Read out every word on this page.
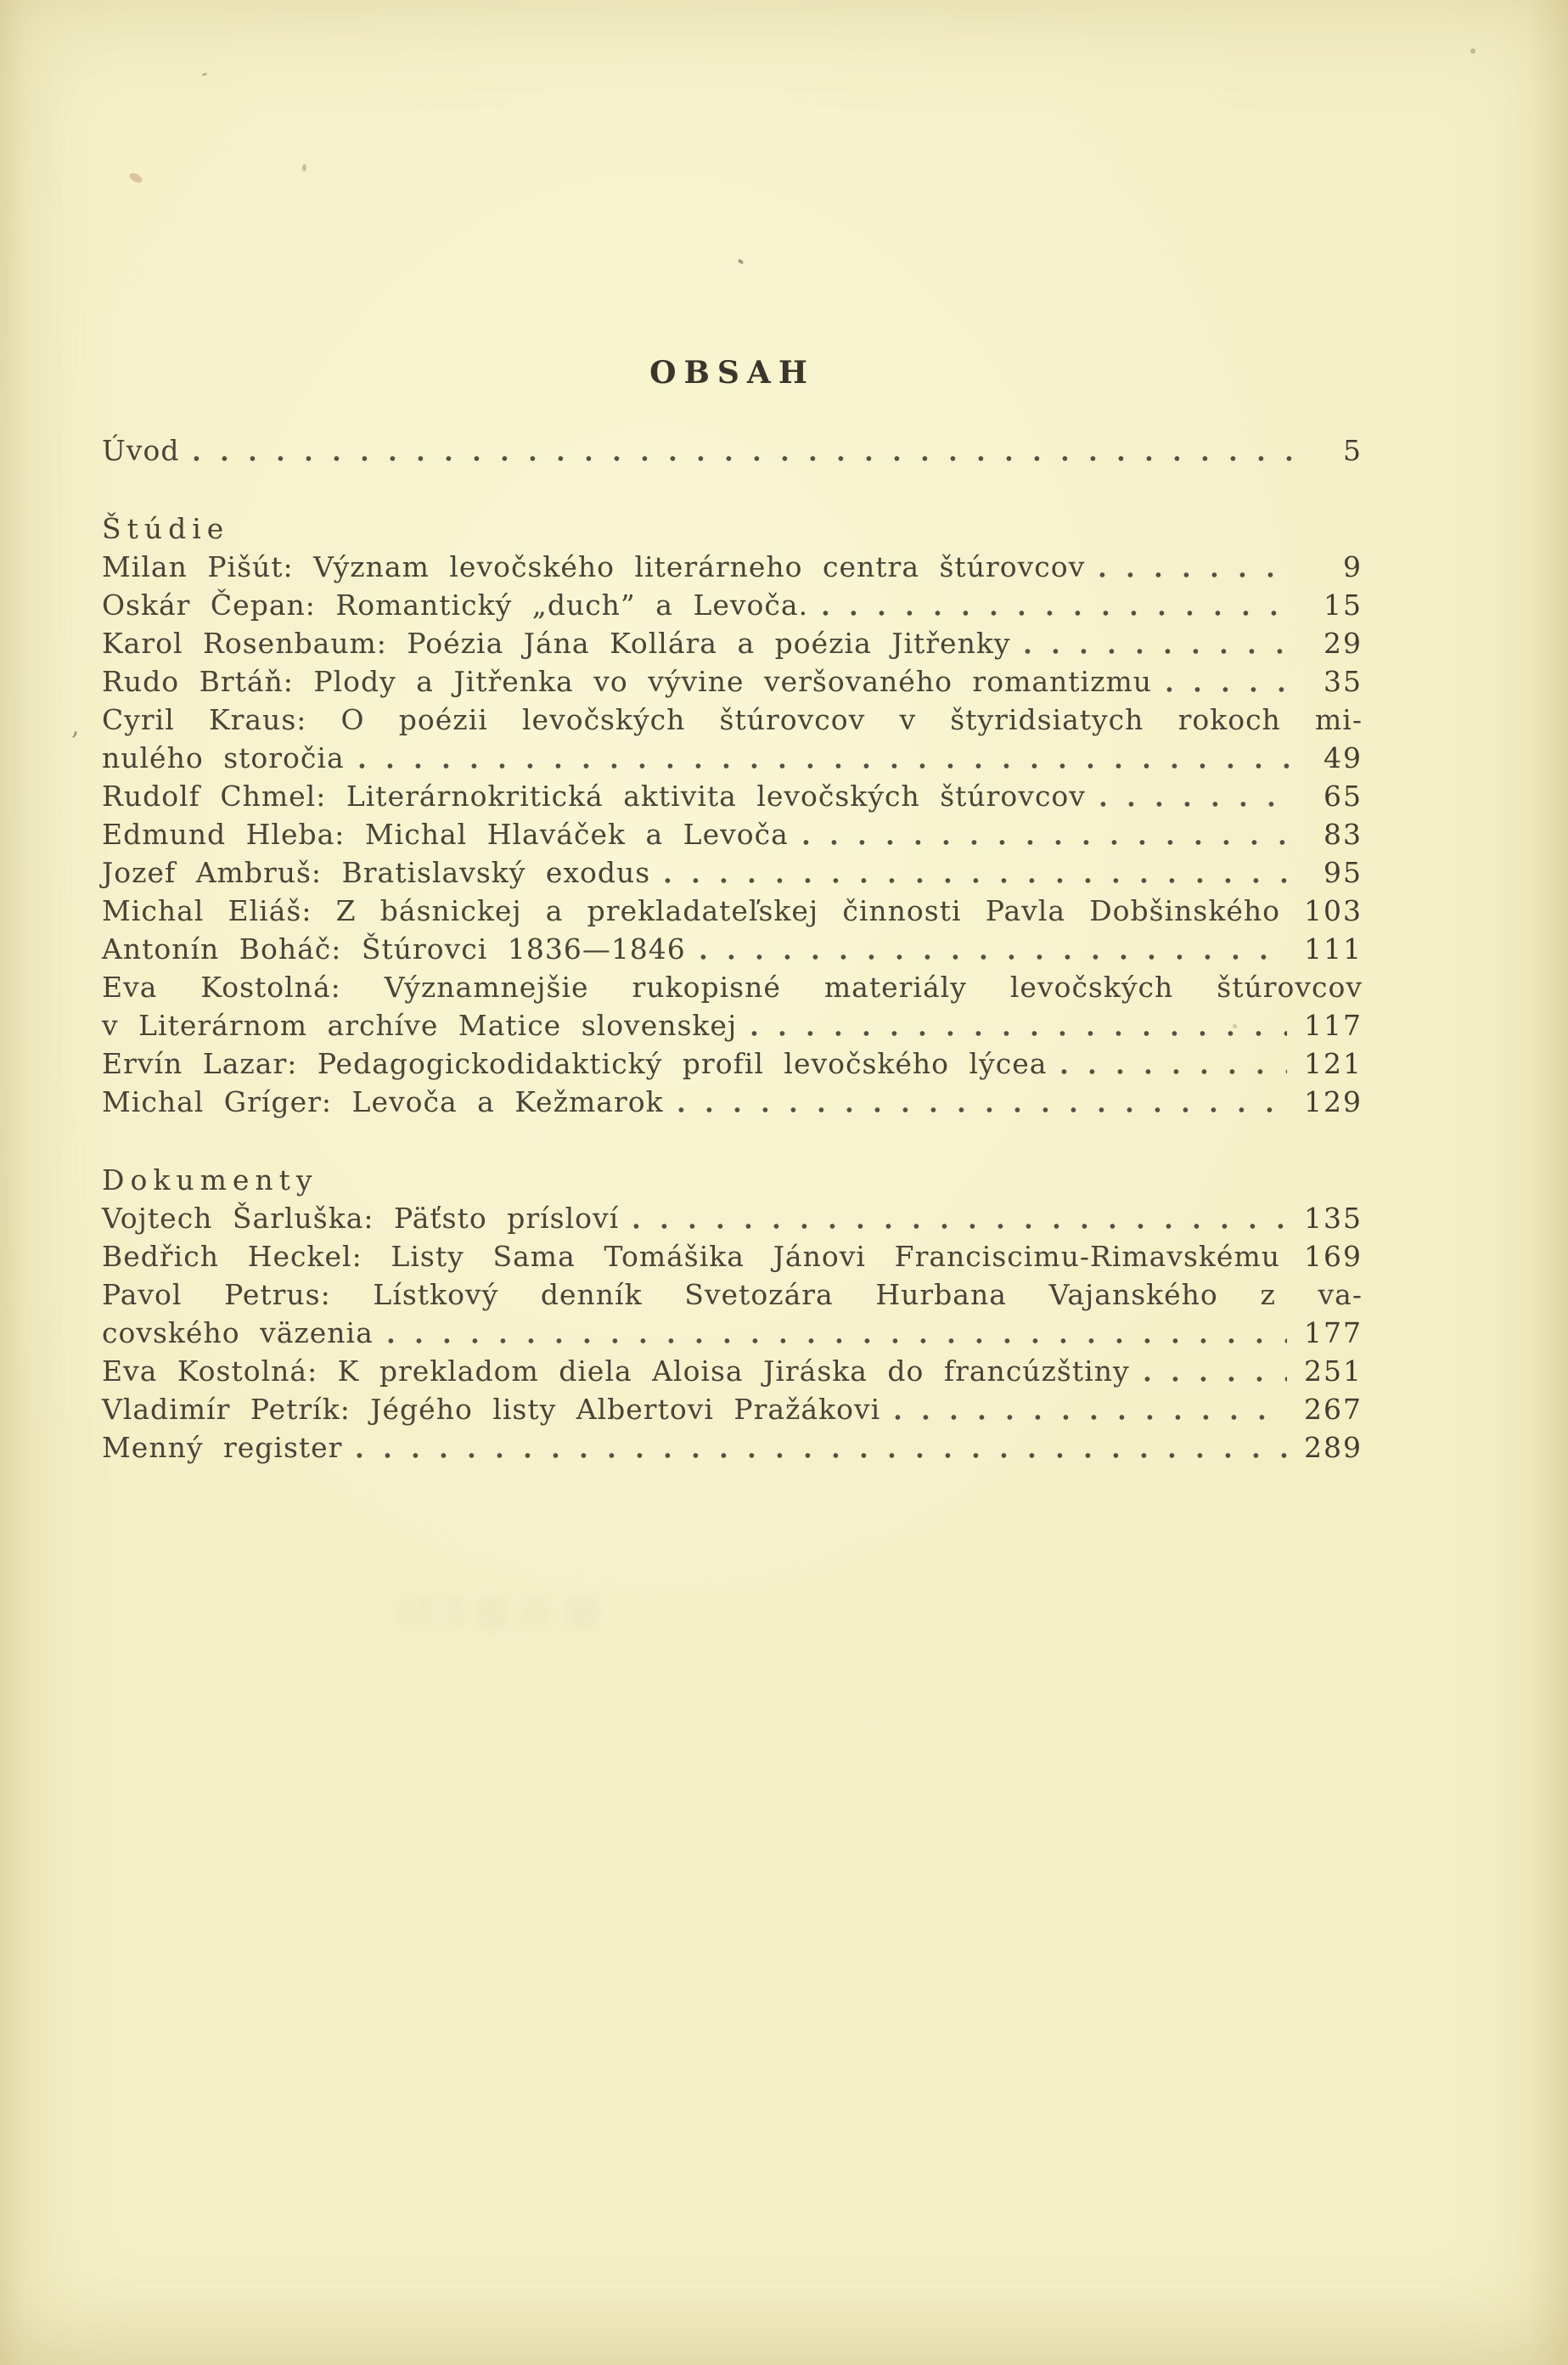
,
OBSAH
Úvod	5
Štúdie
Milan Pišút: Význam levočského literárneho centra štúrovcov	9
Oskár Čepan: Romantický „duch” a Levoča.	15
Karol Rosenbaum: Poézia Jána Kollára a poézia Jitřenky	29
Rudo Brtáň: Plody a Jitřenka vo vývine veršovaného romantizmu	35
Cyril Kraus: O poézii levočských štúrovcov v štyridsiatych rokoch mi-
nulého storočia	49
Rudolf Chmel: Literárnokritická aktivita levočských štúrovcov	65
Edmund Hleba: Michal Hlaváček a Levoča	83
Jozef Ambruš: Bratislavský exodus	95
Michal Eliáš: Z básnickej a prekladateľskej činnosti Pavla Dobšinského 103
Antonín Boháč: Štúrovci 1836—1846	111
Eva Kostolná: Významnejšie rukopisné materiály levočských štúrovcov
v Literárnom archíve Matice slovenskej	117
Ervín Lazar: Pedagogickodidaktický profil levočského lýcea	121
Michal Gríger: Levoča a Kežmarok	129
Dokumenty
Vojtech Šarluška: Päťsto prísloví	135
Bedřich Heckel: Listy Sama Tomášika Jánovi Franciscimu-Rimavskému 169
Pavol Petrus: Lístkový denník Svetozára Hurbana Vajanského z va-
covského väzenia	177
Eva Kostolná: K prekladom diela Aloisa Jiráska do francúzštiny	251
Vladimír Petrík: Jégého listy Albertovi Pražákovi	267
Menný register	289
